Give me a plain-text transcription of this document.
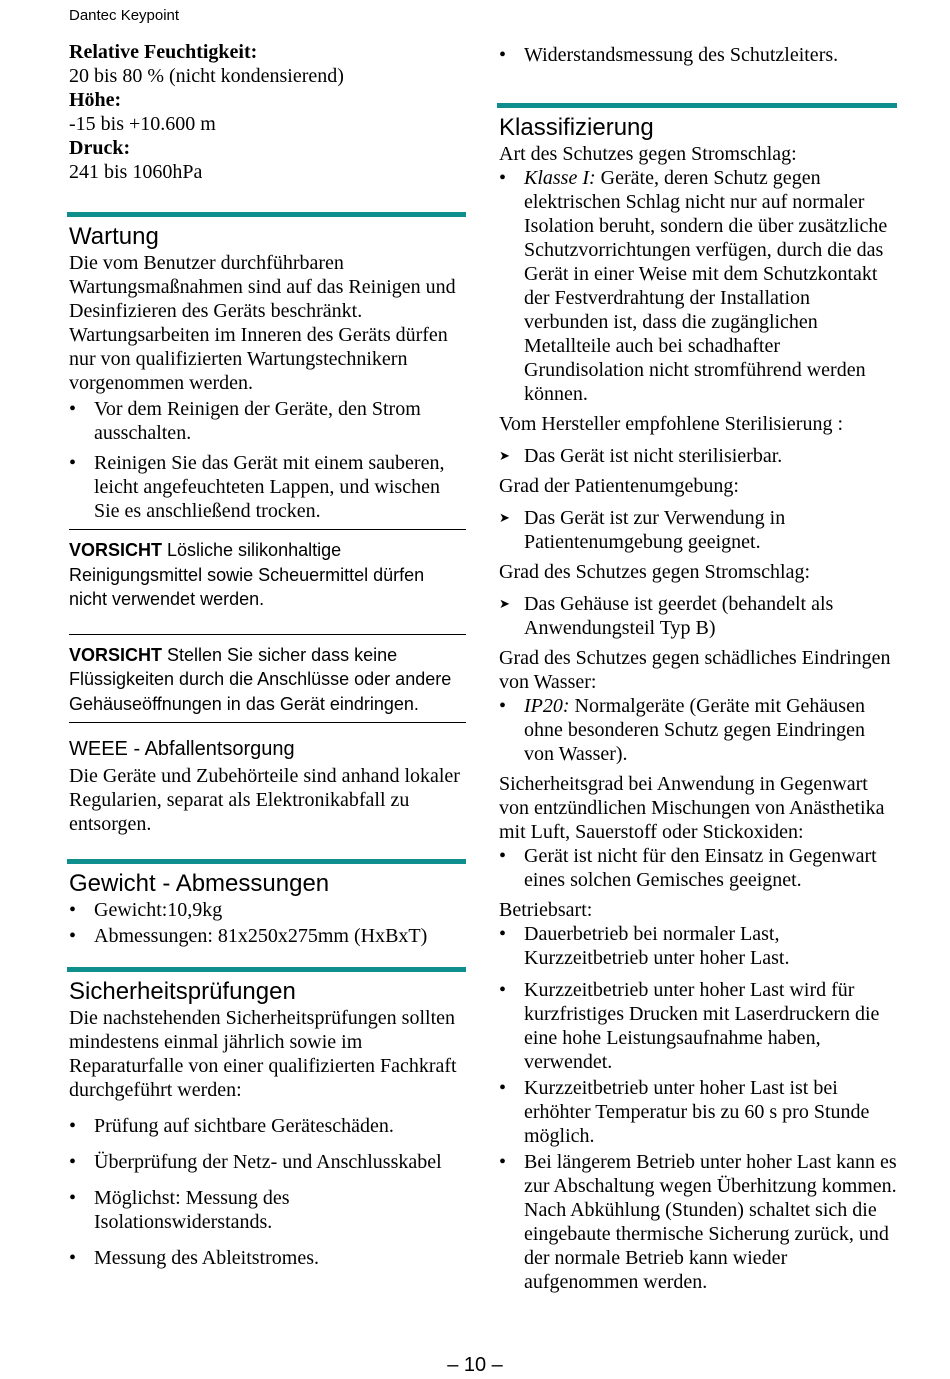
Dantec Keypoint

Relative Feuchtigkeit:

20 bis 80 % (nicht kondensierend)

Höhe:

-15 bis +10.600 m

Druck:

241 bis 1060hPa

Wartung

Die vom Benutzer durchführbaren Wartungsmaßnahmen sind auf das Reinigen und Desinfizieren des Geräts beschränkt. Wartungsarbeiten im Inneren des Geräts dürfen nur von qualifizierten Wartungstechnikern vorgenommen werden.

• Vor dem Reinigen der Geräte, den Strom ausschalten.
• Reinigen Sie das Gerät mit einem sauberen, leicht angefeuchteten Lappen, und wischen Sie es anschließend trocken.

VORSICHT Lösliche silikonhaltige Reinigungsmittel sowie Scheuermittel dürfen nicht verwendet werden.

VORSICHT Stellen Sie sicher dass keine Flüssigkeiten durch die Anschlüsse oder andere Gehäuseöffnungen in das Gerät eindringen.

WEEE - Abfallentsorgung

Die Geräte und Zubehörteile sind anhand lokaler Regularien, separat als Elektronikabfall zu entsorgen.

Gewicht - Abmessungen
• Gewicht:10,9kg
• Abmessungen: 81x250x275mm (HxBxT)
Sicherheitsprüfungen

Die nachstehenden Sicherheitsprüfungen sollten mindestens einmal jährlich sowie im Reparaturfalle von einer qualifizierten Fachkraft durchgeführt werden:

• Prüfung auf sichtbare Geräteschäden.
• Überprüfung der Netz- und Anschlusskabel
• Möglichst: Messung des Isolationswiderstands.
• Messung des Ableitstromes.
• Widerstandsmessung des Schutzleiters.
Klassifizierung

Art des Schutzes gegen Stromschlag:

• Klasse I: Geräte, deren Schutz gegen elektrischen Schlag nicht nur auf normaler Isolation beruht, sondern die über zusätzliche Schutzvorrichtungen verfügen, durch die das Gerät in einer Weise mit dem Schutzkontakt der Festverdrahtung der Installation verbunden ist, dass die zugänglichen Metallteile auch bei schadhafter Grundisolation nicht stromführend werden können.

Vom Hersteller empfohlene Sterilisierung :

➤ Das Gerät ist nicht sterilisierbar.

Grad der Patientenumgebung:

➤ Das Gerät ist zur Verwendung in Patientenumgebung geeignet.

Grad des Schutzes gegen Stromschlag:

➤ Das Gehäuse ist geerdet (behandelt als Anwendungsteil Typ B)

Grad des Schutzes gegen schädliches Eindringen von Wasser:

• IP20: Normalgeräte (Geräte mit Gehäusen ohne besonderen Schutz gegen Eindringen von Wasser).

Sicherheitsgrad bei Anwendung in Gegenwart von entzündlichen Mischungen von Anästhetika mit Luft, Sauerstoff oder Stickoxiden:

• Gerät ist nicht für den Einsatz in Gegenwart eines solchen Gemisches geeignet.

Betriebsart:

• Dauerbetrieb bei normaler Last, Kurzzeitbetrieb unter hoher Last.
• Kurzzeitbetrieb unter hoher Last wird für kurzfristiges Drucken mit Laserdruckern die eine hohe Leistungsaufnahme haben, verwendet.
• Kurzzeitbetrieb unter hoher Last ist bei erhöhter Temperatur bis zu 60 s pro Stunde möglich.
• Bei längerem Betrieb unter hoher Last kann es zur Abschaltung wegen Überhitzung kommen. Nach Abkühlung (Stunden) schaltet sich die eingebaute thermische Sicherung zurück, und der normale Betrieb kann wieder aufgenommen werden.
– 10 –
